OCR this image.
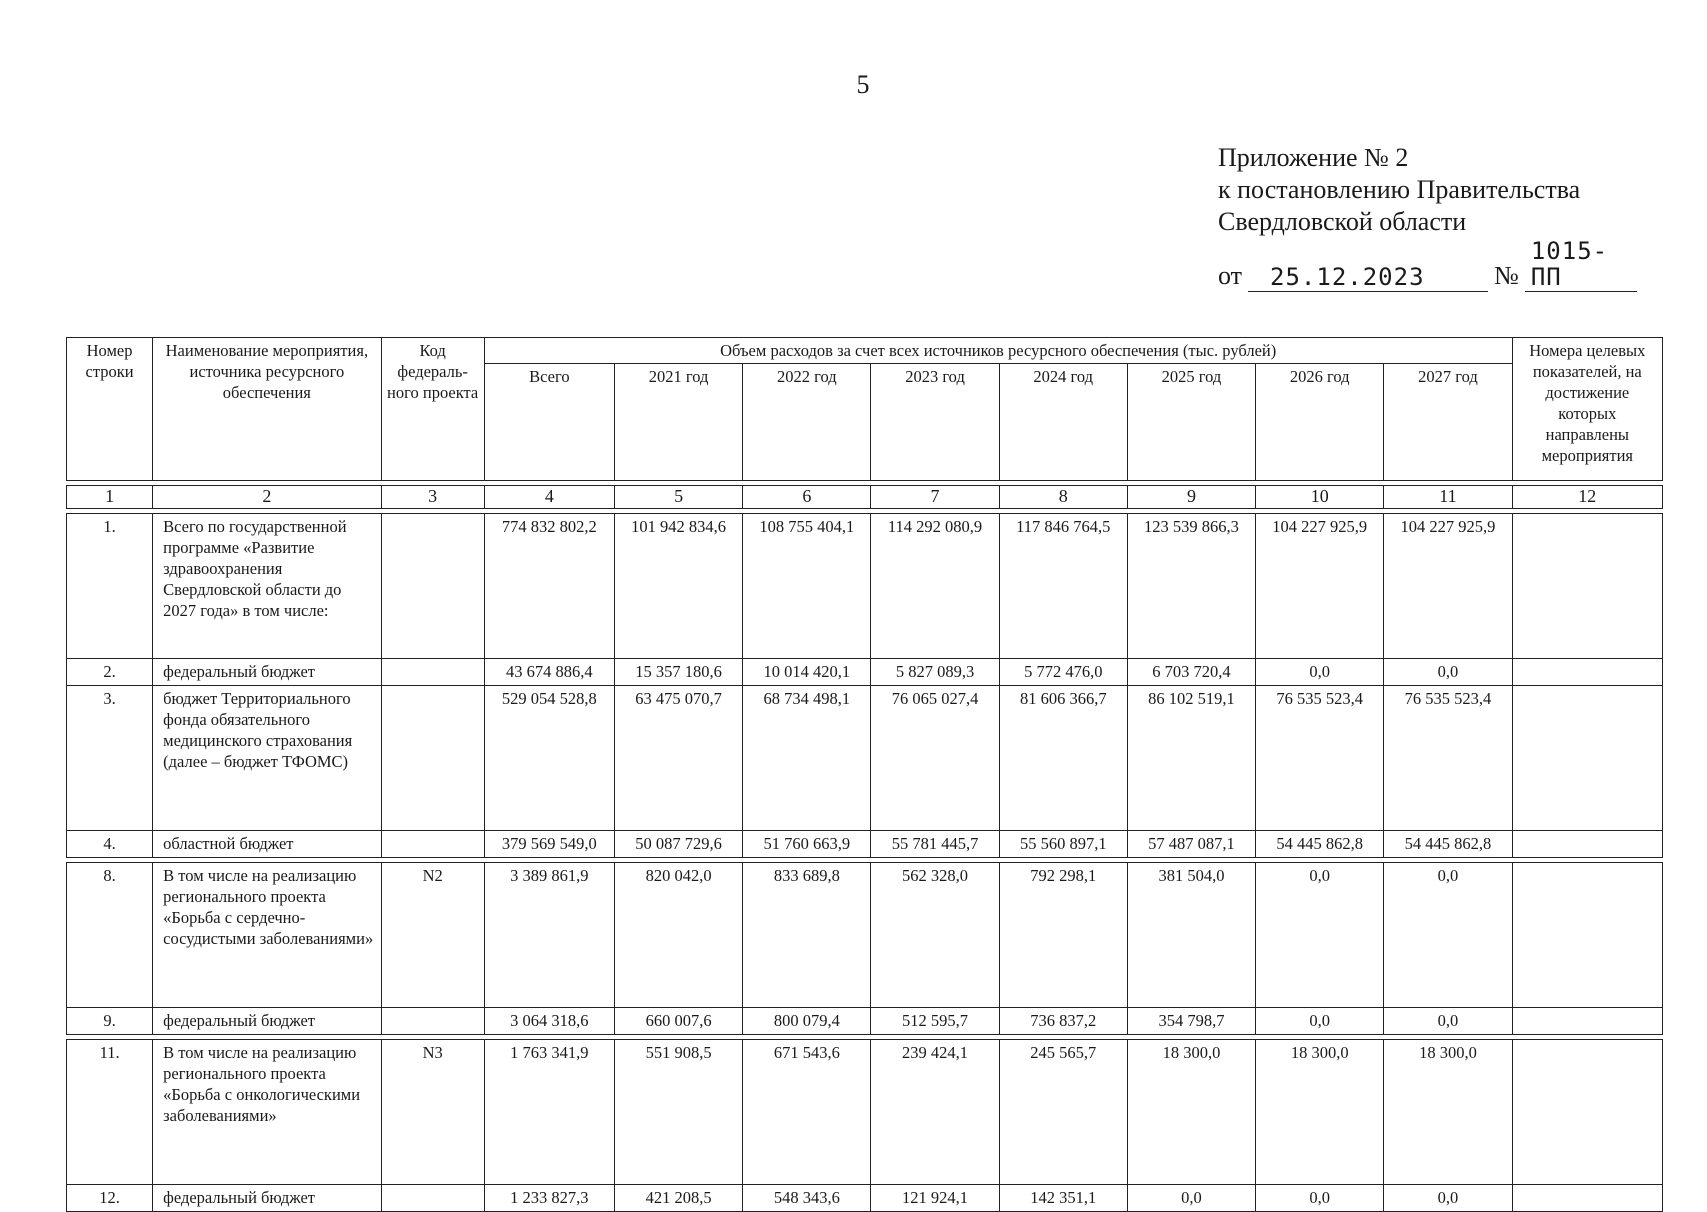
5
Приложение № 2
к постановлению Правительства
Свердловской области
от	25.12.2023	№
1015-ПП
Номер строки	Наименование мероприятия, источника ресурсного обеспечения	Код федераль-ного проекта	Объем расходов за счет всех источников ресурсного обеспечения (тыс. рублей)								Номера целевых показателей, на достижение которых направлены мероприятия
			Всего	2021 год	2022 год	2023 год	2024 год	2025 год	2026 год	2027 год	

1	2	3	4	5	6	7	8	9	10	11	12

1.	Всего по государственной программе «Развитие здравоохранения Свердловской области до 2027 года» в том числе:		774 832 802,2	101 942 834,6	108 755 404,1	114 292 080,9	117 846 764,5	123 539 866,3	104 227 925,9	104 227 925,9	
2.	федеральный бюджет		43 674 886,4	15 357 180,6	10 014 420,1	5 827 089,3	5 772 476,0	6 703 720,4	0,0	0,0	
3.	бюджет Территориального фонда обязательного медицинского страхования (далее – бюджет ТФОМС)		529 054 528,8	63 475 070,7	68 734 498,1	76 065 027,4	81 606 366,7	86 102 519,1	76 535 523,4	76 535 523,4	
4.	областной бюджет		379 569 549,0	50 087 729,6	51 760 663,9	55 781 445,7	55 560 897,1	57 487 087,1	54 445 862,8	54 445 862,8	

8.	В том числе на реализацию регионального проекта «Борьба с сердечно-сосудистыми заболеваниями»	N2	3 389 861,9	820 042,0	833 689,8	562 328,0	792 298,1	381 504,0	0,0	0,0	
9.	федеральный бюджет		3 064 318,6	660 007,6	800 079,4	512 595,7	736 837,2	354 798,7	0,0	0,0	

11.	В том числе на реализацию регионального проекта «Борьба с онкологическими заболеваниями»	N3	1 763 341,9	551 908,5	671 543,6	239 424,1	245 565,7	18 300,0	18 300,0	18 300,0	
12.	федеральный бюджет		1 233 827,3	421 208,5	548 343,6	121 924,1	142 351,1	0,0	0,0	0,0	
